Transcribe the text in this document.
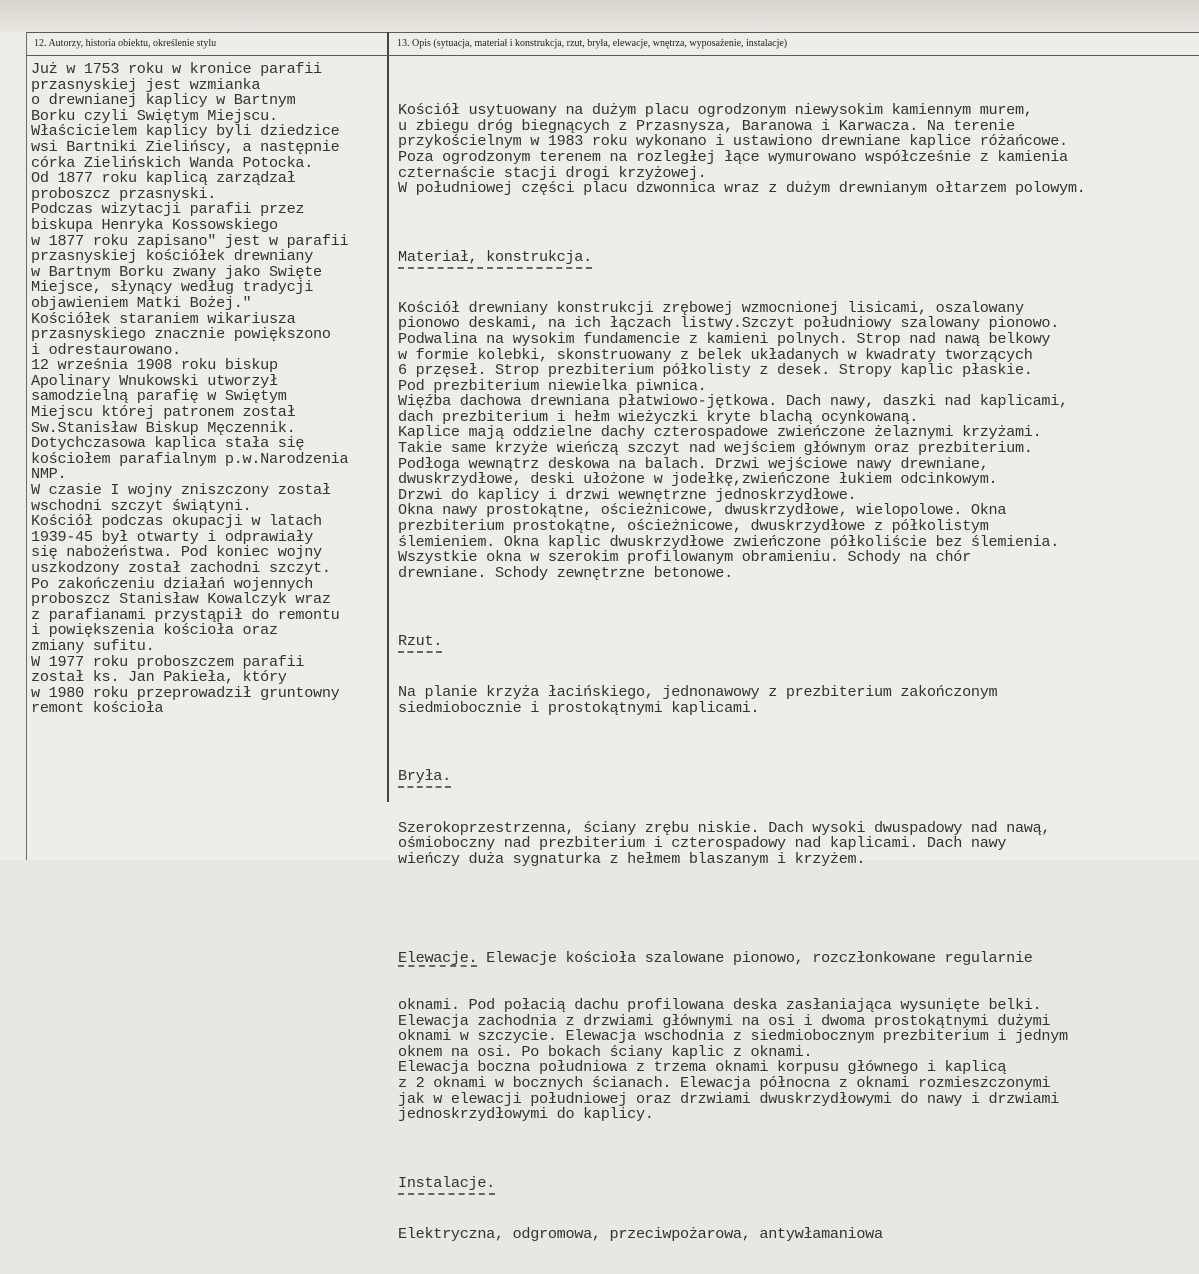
12. Autorzy, historia obiektu, określenie stylu	13. Opis (sytuacja, materiał i konstrukcja, rzut, bryła, elewacje, wnętrza, wyposażenie, instalacje)
Już w 1753 roku w kronice parafii
przasnyskiej jest wzmianka
o drewnianej kaplicy w Bartnym
Borku czyli Swiętym Miejscu.
Właścicielem kaplicy byli dziedzice
wsi Bartniki Zielińscy, a następnie
córka Zielińskich Wanda Potocka.
Od 1877 roku kaplicą zarządzał
proboszcz przasnyski.
Podczas wizytacji parafii przez
biskupa Henryka Kossowskiego
w 1877 roku zapisano" jest w parafii
przasnyskiej kościółek drewniany
w Bartnym Borku zwany jako Swięte
Miejsce, słynący według tradycji
objawieniem Matki Bożej."
Kościółek staraniem wikariusza
przasnyskiego znacznie powiększono
i odrestaurowano.
12 września 1908 roku biskup
Apolinary Wnukowski utworzył
samodzielną parafię w Swiętym
Miejscu której patronem został
Sw.Stanisław Biskup Męczennik.
Dotychczasowa kaplica stała się
kościołem parafialnym p.w.Narodzenia
NMP.
W czasie I wojny zniszczony został
wschodni szczyt świątyni.
Kościół podczas okupacji w latach
1939-45 był otwarty i odprawiały
się nabożeństwa. Pod koniec wojny
uszkodzony został zachodni szczyt.
Po zakończeniu działań wojennych
proboszcz Stanisław Kowalczyk wraz
z parafianami przystąpił do remontu
i powiększenia kościoła oraz
zmiany sufitu.
W 1977 roku proboszczem parafii
został ks. Jan Pakieła, który
w 1980 roku przeprowadził gruntowny
remont kościoła

Kościół usytuowany na dużym placu ogrodzonym niewysokim kamiennym murem,
u zbiegu dróg biegnących z Przasnysza, Baranowa i Karwacza. Na terenie
przykościelnym w 1983 roku wykonano i ustawiono drewniane kaplice różańcowe.
Poza ogrodzonym terenem na rozległej łące wymurowano współcześnie z kamienia
czternaście stacji drogi krzyżowej.
W południowej części placu dzwonnica wraz z dużym drewnianym ołtarzem polowym.

Materiał, konstrukcja.

Kościół drewniany konstrukcji zrębowej wzmocnionej lisicami, oszalowany
pionowo deskami, na ich łączach listwy.Szczyt południowy szalowany pionowo.
Podwalina na wysokim fundamencie z kamieni polnych. Strop nad nawą belkowy
w formie kolebki, skonstruowany z belek układanych w kwadraty tworzących
6 przęseł. Strop prezbiterium półkolisty z desek. Stropy kaplic płaskie.
Pod prezbiterium niewielka piwnica.
Więźba dachowa drewniana płatwiowo-jętkowa. Dach nawy, daszki nad kaplicami,
dach prezbiterium i hełm wieżyczki kryte blachą ocynkowaną.
Kaplice mają oddzielne dachy czterospadowe zwieńczone żelaznymi krzyżami.
Takie same krzyże wieńczą szczyt nad wejściem głównym oraz prezbiterium.
Podłoga wewnątrz deskowa na balach. Drzwi wejściowe nawy drewniane,
dwuskrzydłowe, deski ułożone w jodełkę,zwieńczone łukiem odcinkowym.
Drzwi do kaplicy i drzwi wewnętrzne jednoskrzydłowe.
Okna nawy prostokątne, ościeżnicowe, dwuskrzydłowe, wielopolowe. Okna
prezbiterium prostokątne, ościeżnicowe, dwuskrzydłowe z półkolistym
ślemieniem. Okna kaplic dwuskrzydłowe zwieńczone półkoliście bez ślemienia.
Wszystkie okna w szerokim profilowanym obramieniu. Schody na chór
drewniane. Schody zewnętrzne betonowe.

Rzut.

Na planie krzyża łacińskiego, jednonawowy z prezbiterium zakończonym
siedmiobocznie i prostokątnymi kaplicami.

Bryła.

Szerokoprzestrzenna, ściany zrębu niskie. Dach wysoki dwuspadowy nad nawą,
ośmioboczny nad prezbiterium i czterospadowy nad kaplicami. Dach nawy
wieńczy duża sygnaturka z hełmem blaszanym i krzyżem.

Elewacje. Elewacje kościoła szalowane pionowo, rozczłonkowane regularnie

oknami. Pod połacią dachu profilowana deska zasłaniająca wysunięte belki.
Elewacja zachodnia z drzwiami głównymi na osi i dwoma prostokątnymi dużymi
oknami w szczycie. Elewacja wschodnia z siedmiobocznym prezbiterium i jednym
oknem na osi. Po bokach ściany kaplic z oknami.
Elewacja boczna południowa z trzema oknami korpusu głównego i kaplicą
z 2 oknami w bocznych ścianach. Elewacja północna z oknami rozmieszczonymi
jak w elewacji południowej oraz drzwiami dwuskrzydłowymi do nawy i drzwiami
jednoskrzydłowymi do kaplicy.

Instalacje.

Elektryczna, odgromowa, przeciwpożarowa, antywłamaniowa
